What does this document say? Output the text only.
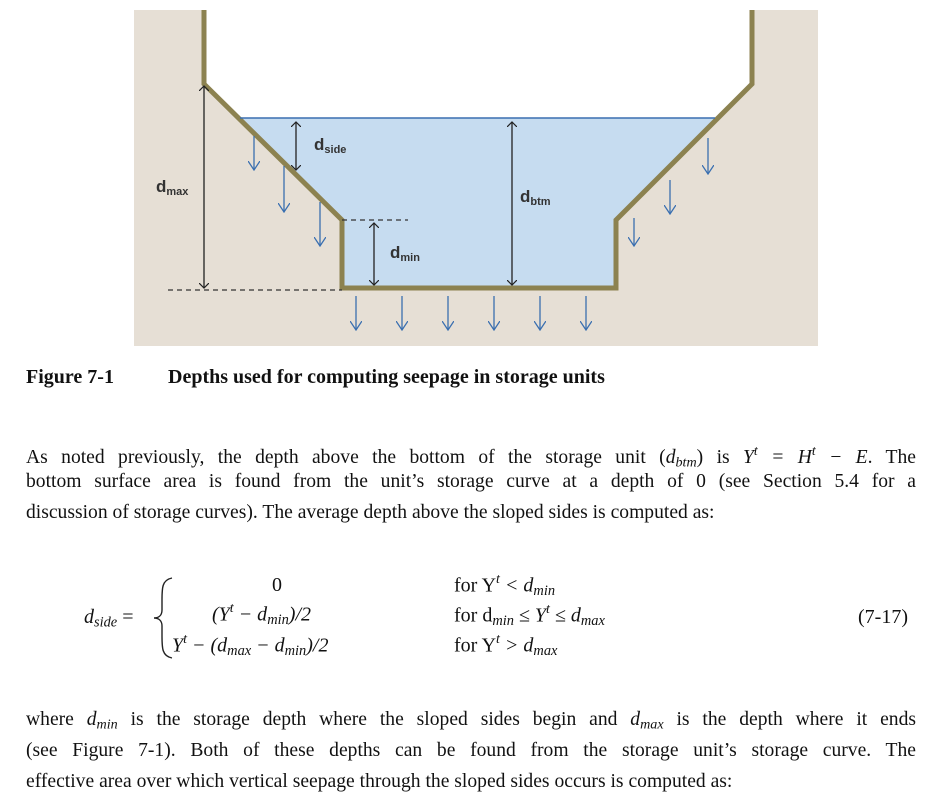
dmax
dside
dmin
dbtm
Figure 7-1	Depths used for computing seepage in storage units
As noted previously, the depth above the bottom of the storage unit $(d_{btm})$ is $Y^t = H^t - E$. The
bottom surface area is found from the unit’s storage curve at a depth of 0 (see Section 5.4 for a
discussion of storage curves). The average depth above the sloped sides is computed as:
$d_{side}$ =
0
$(Y^t - d_{min})/2$
$Y^t - (d_{max} - d_{min})/2$
for $Y^t < d_{min}$
for $d_{min} \le Y^t \le d_{max}$
for $Y^t > d_{max}$
(7-17)
where $d_{min}$ is the storage depth where the sloped sides begin and $d_{max}$ is the depth where it ends
(see Figure 7-1). Both of these depths can be found from the storage unit’s storage curve. The
effective area over which vertical seepage through the sloped sides occurs is computed as:
